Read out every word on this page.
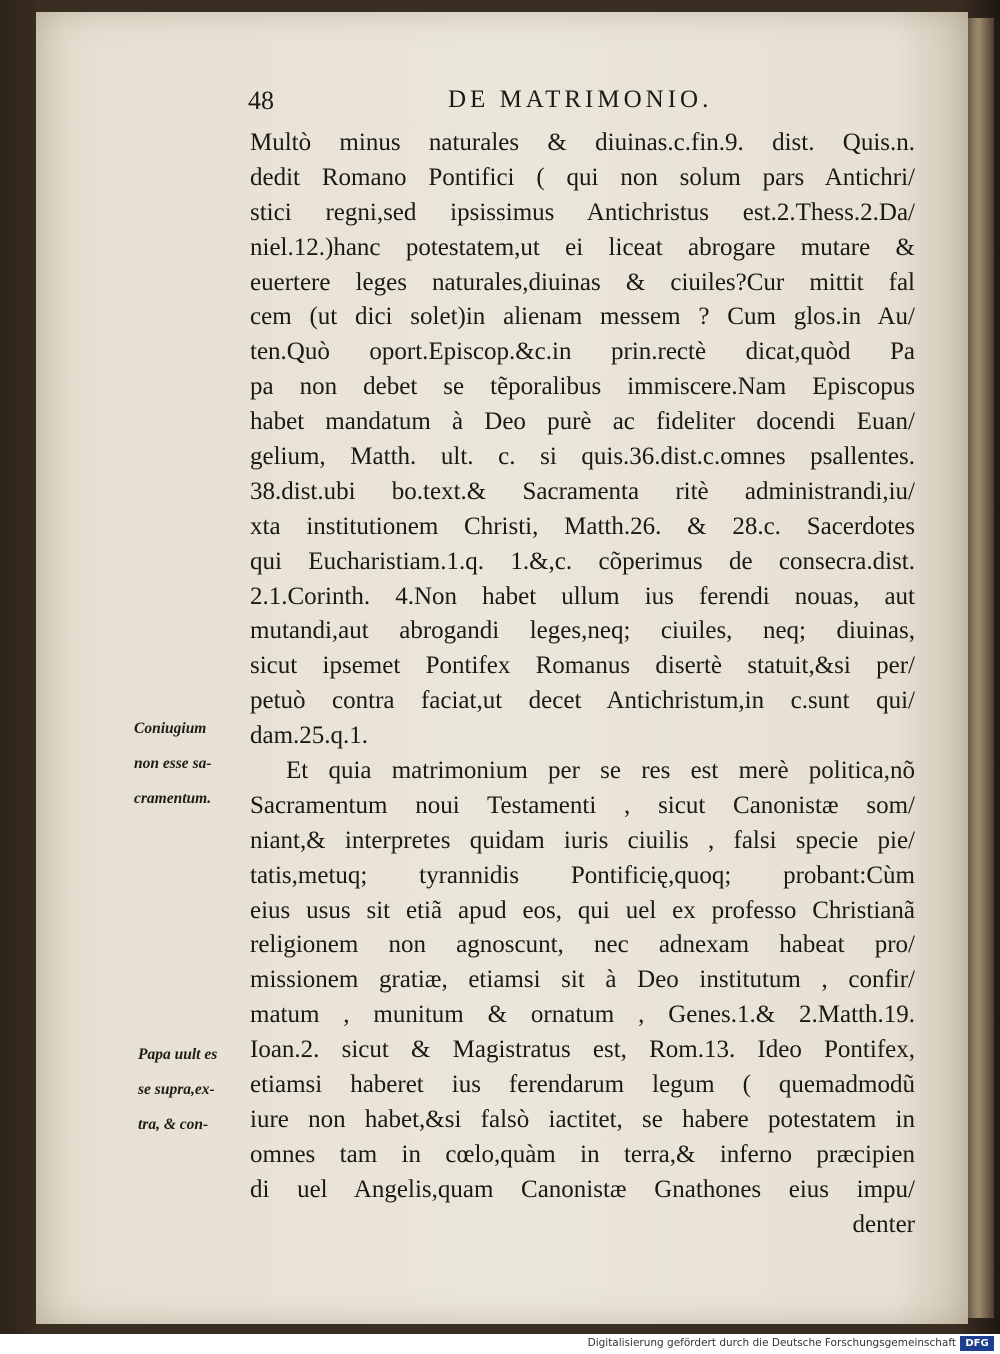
48	DE MATRIMONIO.
Multò minus naturales & diuinas.c.fin.9. dist. Quis.n.
dedit Romano Pontifici ( qui non solum pars Antichri/
stici regni,sed ipsissimus Antichristus est.2.Thess.2.Da/
niel.12.)hanc potestatem,ut ei liceat abrogare mutare &
euertere leges naturales,diuinas & ciuiles?Cur mittit fal
cem (ut dici solet)in alienam messem ? Cum glos.in Au/
ten.Quò oport.Episcop.&c.in prin.rectè dicat,quòd Pa
pa non debet se tẽporalibus immiscere.Nam Episcopus
habet mandatum à Deo purè ac fideliter docendi Euan/
gelium, Matth. ult. c. si quis.36.dist.c.omnes psallentes.
38.dist.ubi bo.text.& Sacramenta ritè administrandi,iu/
xta institutionem Christi, Matth.26. & 28.c. Sacerdotes
qui Eucharistiam.1.q. 1.&,c. cõperimus de consecra.dist.
2.1.Corinth. 4.Non habet ullum ius ferendi nouas, aut
mutandi,aut abrogandi leges,neq; ciuiles, neq; diuinas,
sicut ipsemet Pontifex Romanus disertè statuit,&si per/
petuò contra faciat,ut decet Antichristum,in c.sunt qui/
dam.25.q.1.
Et quia matrimonium per se res est merè politica,nõ
Sacramentum noui Testamenti , sicut Canonistæ som/
niant,& interpretes quidam iuris ciuilis , falsi specie pie/
tatis,metuq; tyrannidis Pontificię,quoq; probant:Cùm
eius usus sit etiã apud eos, qui uel ex professo Christianã
religionem non agnoscunt, nec adnexam habeat pro/
missionem gratiæ, etiamsi sit à Deo institutum , confir/
matum , munitum & ornatum , Genes.1.& 2.Matth.19.
Ioan.2. sicut & Magistratus est, Rom.13. Ideo Pontifex,
etiamsi haberet ius ferendarum legum ( quemadmodũ
iure non habet,&si falsò iactitet, se habere potestatem in
omnes tam in cœlo,quàm in terra,& inferno præcipien
di uel Angelis,quam Canonistæ Gnathones eius impu/
denter
Coniugium
non esse sa-
cramentum.
Papa uult es
se supra,ex-
tra, & con-
Digitalisierung gefördert durch die Deutsche Forschungsgemeinschaft DFG
